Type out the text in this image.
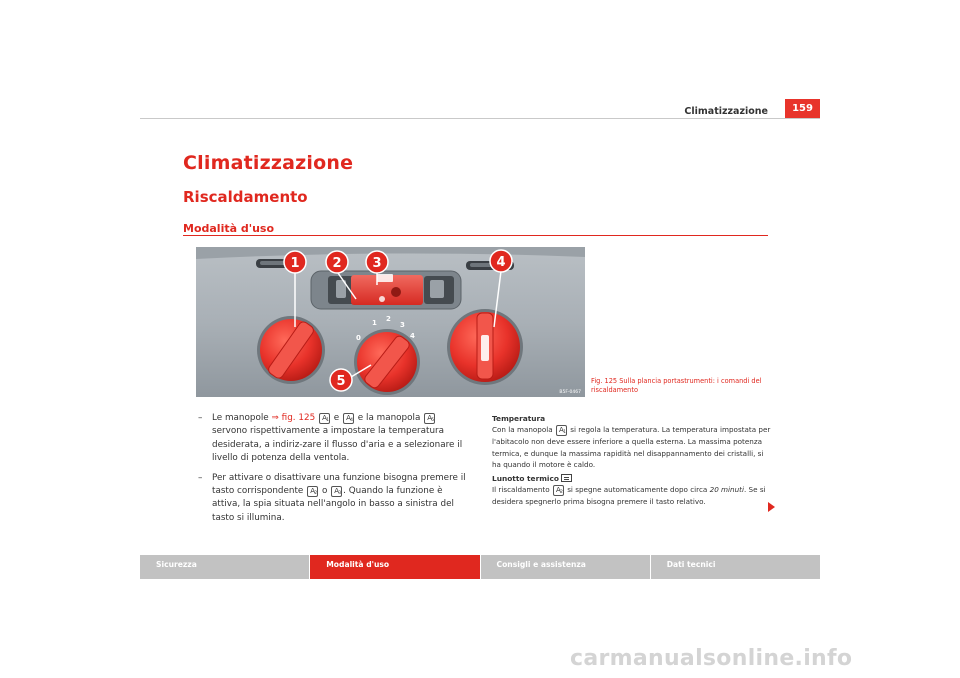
Climatizzazione	159
Climatizzazione
Riscaldamento
Modalità d'uso
0
1 2
3
4
1	2 3	4
5
B5F-0467
Fig. 125 Sulla plancia portastrumenti: i comandi del riscaldamento
– Le manopole ⇒ fig. 125 A 1 e A 4 e la manopola A 5
servono rispettivamente a impostare la temperatura desiderata, a indiriz-zare il flusso d'aria e a selezionare il livello di potenza della ventola.
– Per attivare o disattivare una funzione bisogna premere il tasto corrispondente A 2 o A 3 . Quando la funzione è attiva, la spia situata nell'angolo in basso a sinistra del tasto si illumina.

Temperatura

Con la manopola A 1 si regola la temperatura. La temperatura impostata per l'abitacolo non deve essere inferiore a quella esterna. La massima potenza termica, e dunque la massima rapidità nel disappannamento dei cristalli, si ha quando il motore è caldo.

Lunotto termico

Il riscaldamento A 2 si spegne automaticamente dopo circa 20 minuti. Se si desidera spegnerlo prima bisogna premere il tasto relativo.

Sicurezza	Modalità d'uso	Consigli e assistenza	Dati tecnici
carmanualsonline.info
